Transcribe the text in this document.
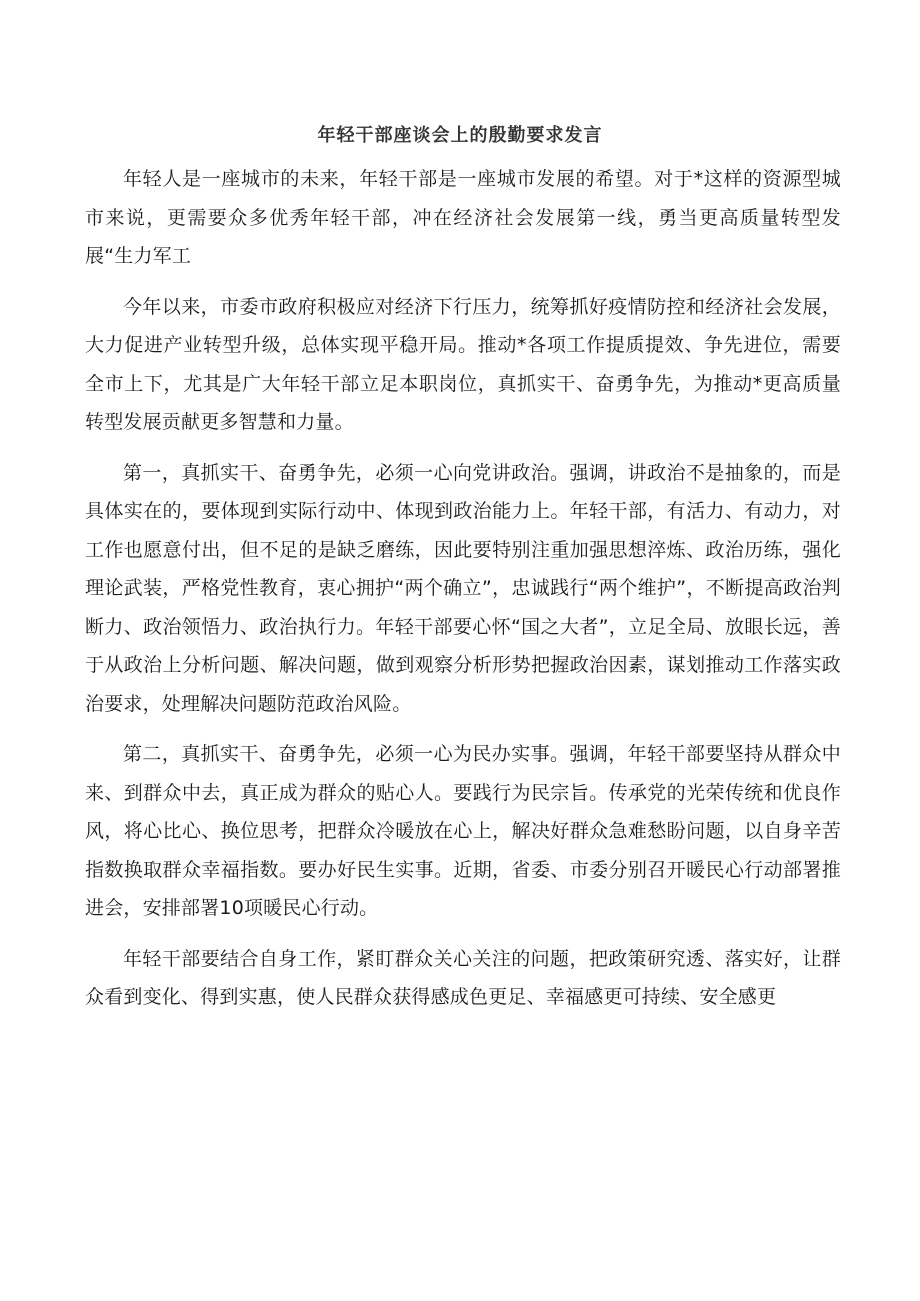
年轻干部座谈会上的殷勤要求发言

年轻人是一座城市的未来，年轻干部是一座城市发展的希望。对于*这样的资源型城市来说，更需要众多优秀年轻干部，冲在经济社会发展第一线，勇当更高质量转型发展“生力军工

今年以来，市委市政府积极应对经济下行压力，统筹抓好疫情防控和经济社会发展，大力促进产业转型升级，总体实现平稳开局。推动*各项工作提质提效、争先进位，需要全市上下，尤其是广大年轻干部立足本职岗位，真抓实干、奋勇争先，为推动*更高质量转型发展贡献更多智慧和力量。

第一，真抓实干、奋勇争先，必须一心向党讲政治。强调，讲政治不是抽象的，而是具体实在的，要体现到实际行动中、体现到政治能力上。年轻干部，有活力、有动力，对工作也愿意付出，但不足的是缺乏磨练，因此要特别注重加强思想淬炼、政治历练，强化理论武装，严格党性教育，衷心拥护“两个确立”，忠诚践行“两个维护”，不断提高政治判断力、政治领悟力、政治执行力。年轻干部要心怀“国之大者”，立足全局、放眼长远，善于从政治上分析问题、解决问题，做到观察分析形势把握政治因素，谋划推动工作落实政治要求，处理解决问题防范政治风险。

第二，真抓实干、奋勇争先，必须一心为民办实事。强调，年轻干部要坚持从群众中来、到群众中去，真正成为群众的贴心人。要践行为民宗旨。传承党的光荣传统和优良作风，将心比心、换位思考，把群众冷暖放在心上，解决好群众急难愁盼问题，以自身辛苦指数换取群众幸福指数。要办好民生实事。近期，省委、市委分别召开暖民心行动部署推进会，安排部署10项暖民心行动。

年轻干部要结合自身工作，紧盯群众关心关注的问题，把政策研究透、落实好，让群众看到变化、得到实惠，使人民群众获得感成色更足、幸福感更可持续、安全感更
